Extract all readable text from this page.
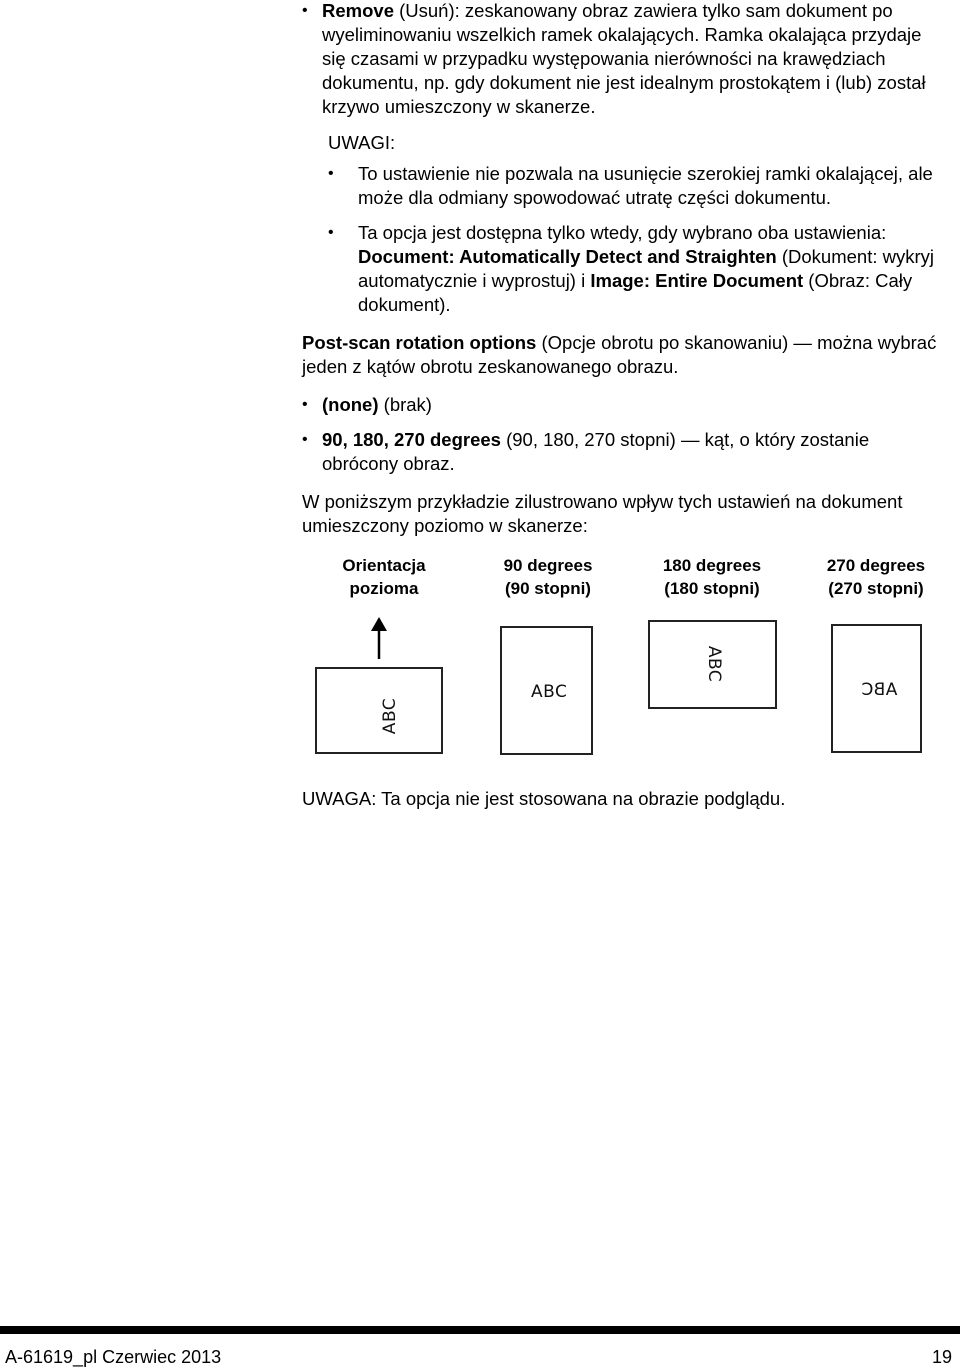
• Remove (Usuń): zeskanowany obraz zawiera tylko sam dokument po wyeliminowaniu wszelkich ramek okalających. Ramka okalająca przydaje się czasami w przypadku występowania nierówności na krawędziach dokumentu, np. gdy dokument nie jest idealnym prostokątem i (lub) został krzywo umieszczony w skanerze.

UWAGI:

• To ustawienie nie pozwala na usunięcie szerokiej ramki okalającej, ale może dla odmiany spowodować utratę części dokumentu.

• Ta opcja jest dostępna tylko wtedy, gdy wybrano oba ustawienia: Document: Automatically Detect and Straighten (Dokument: wykryj automatycznie i wyprostuj) i Image: Entire Document (Obraz: Cały dokument).

Post-scan rotation options (Opcje obrotu po skanowaniu) — można wybrać jeden z kątów obrotu zeskanowanego obrazu.

• (none) (brak)

• 90, 180, 270 degrees (90, 180, 270 stopni) — kąt, o który zostanie obrócony obraz.

W poniższym przykładzie zilustrowano wpływ tych ustawień na dokument umieszczony poziomo w skanerze:

Orientacja
pozioma
90 degrees
(90 stopni)
180 degrees
(180 stopni)
270 degrees
(270 stopni)
ABC
ABC
ABC
ABC

UWAGA: Ta opcja nie jest stosowana na obrazie podglądu.

A-61619_pl Czerwiec 2013	19
